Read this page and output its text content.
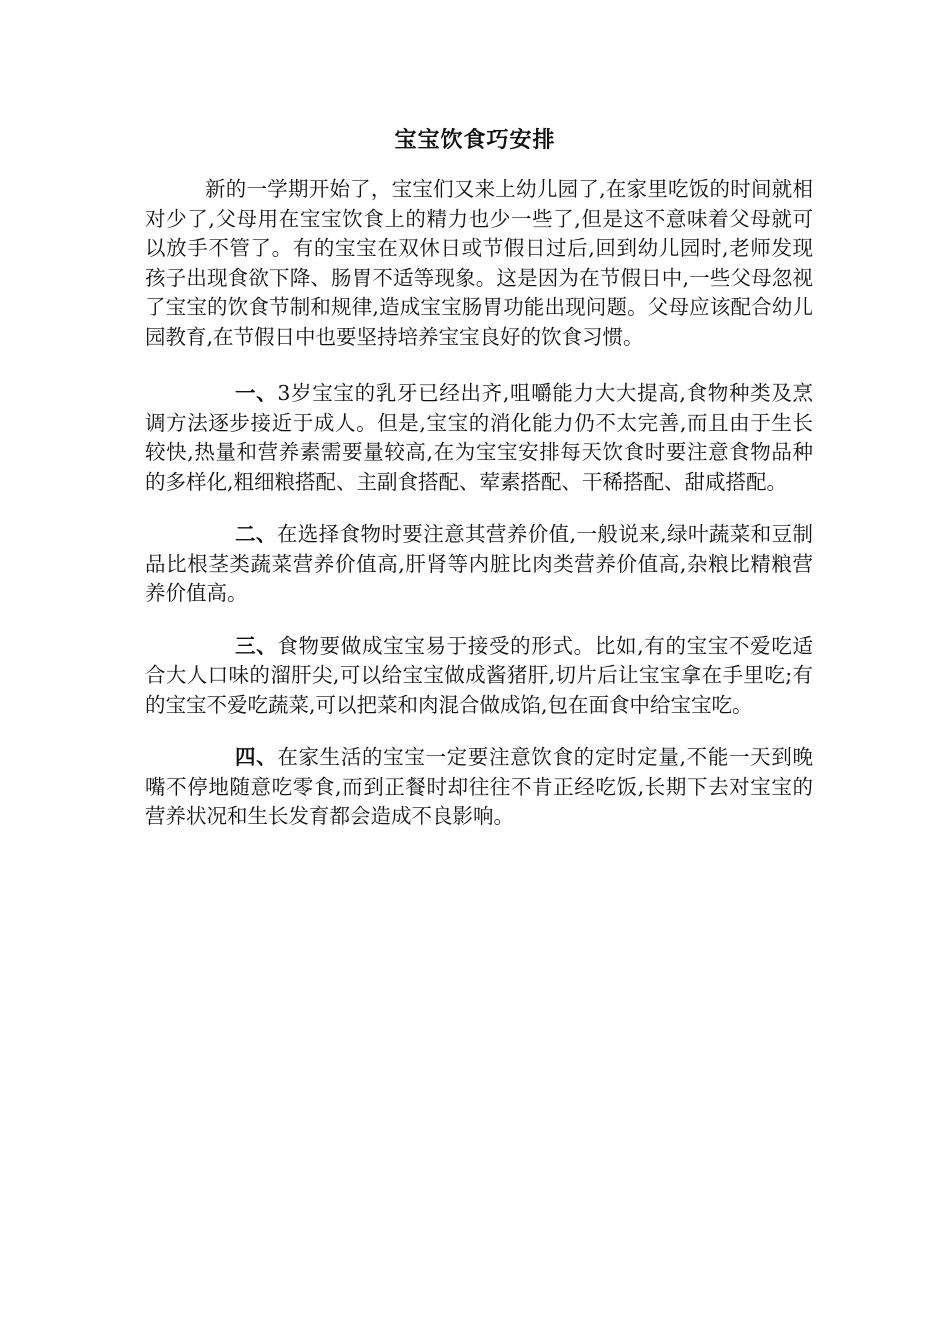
宝宝饮食巧安排

新的一学期开始了，宝宝们又来上幼儿园了,在家里吃饭的时间就相对少了,父母用在宝宝饮食上的精力也少一些了,但是这不意味着父母就可以放手不管了。有的宝宝在双休日或节假日过后,回到幼儿园时,老师发现孩子出现食欲下降、肠胃不适等现象。这是因为在节假日中,一些父母忽视了宝宝的饮食节制和规律,造成宝宝肠胃功能出现问题。父母应该配合幼儿园教育,在节假日中也要坚持培养宝宝良好的饮食习惯。

一、3岁宝宝的乳牙已经出齐,咀嚼能力大大提高,食物种类及烹调方法逐步接近于成人。但是,宝宝的消化能力仍不太完善,而且由于生长较快,热量和营养素需要量较高,在为宝宝安排每天饮食时要注意食物品种的多样化,粗细粮搭配、主副食搭配、荤素搭配、干稀搭配、甜咸搭配。

二、在选择食物时要注意其营养价值,一般说来,绿叶蔬菜和豆制品比根茎类蔬菜营养价值高,肝肾等内脏比肉类营养价值高,杂粮比精粮营养价值高。

三、食物要做成宝宝易于接受的形式。比如,有的宝宝不爱吃适合大人口味的溜肝尖,可以给宝宝做成酱猪肝,切片后让宝宝拿在手里吃;有的宝宝不爱吃蔬菜,可以把菜和肉混合做成馅,包在面食中给宝宝吃。

四、在家生活的宝宝一定要注意饮食的定时定量,不能一天到晚嘴不停地随意吃零食,而到正餐时却往往不肯正经吃饭,长期下去对宝宝的营养状况和生长发育都会造成不良影响。
